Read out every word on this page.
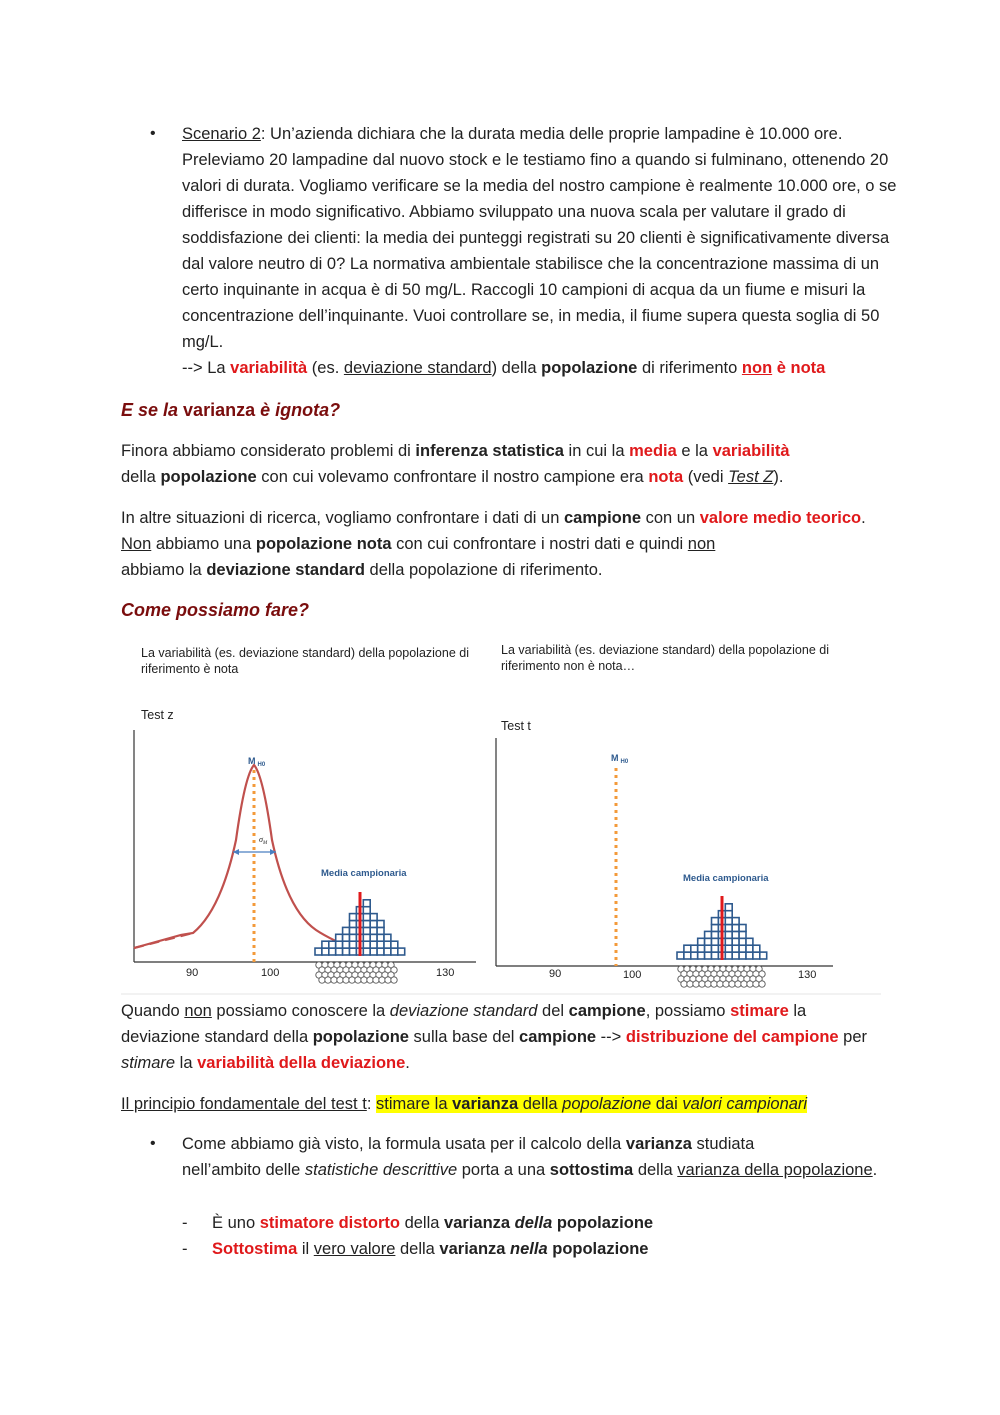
• Scenario 2: Un’azienda dichiara che la durata media delle proprie lampadine è 10.000 ore. Preleviamo 20 lampadine dal nuovo stock e le testiamo fino a quando si fulminano, ottenendo 20 valori di durata. Vogliamo verificare se la media del nostro campione è realmente 10.000 ore, o se differisce in modo significativo. Abbiamo sviluppato una nuova scala per valutare il grado di soddisfazione dei clienti: la media dei punteggi registrati su 20 clienti è significativamente diversa dal valore neutro di 0? La normativa ambientale stabilisce che la concentrazione massima di un certo inquinante in acqua è di 50 mg/L. Raccogli 10 campioni di acqua da un fiume e misuri la concentrazione dell’inquinante. Vuoi controllare se, in media, il fiume supera questa soglia di 50 mg/L.
--> La variabilità (es. deviazione standard) della popolazione di riferimento non è nota
E se la varianza è ignota?
Finora abbiamo considerato problemi di inferenza statistica in cui la media e la variabilità
della popolazione con cui volevamo confrontare il nostro campione era nota (vedi Test Z).
In altre situazioni di ricerca, vogliamo confrontare i dati di un campione con un valore medio teorico. Non abbiamo una popolazione nota con cui confrontare i nostri dati e quindi non
abbiamo la deviazione standard della popolazione di riferimento.
Come possiamo fare?
La variabilità (es. deviazione standard) della popolazione di
riferimento è nota
Test z
La variabilità (es. deviazione standard) della popolazione di
riferimento non è nota…
Test t
M $_{H0}$
$\sigma_M$
Media campionaria
90	100	130
M $_{H0}$
Media campionaria
90	100	130
Quando non possiamo conoscere la deviazione standard del campione, possiamo stimare la
deviazione standard della popolazione sulla base del campione --> distribuzione del campione per stimare la variabilità della deviazione.
Il principio fondamentale del test t: stimare la varianza della popolazione dai valori campionari
• Come abbiamo già visto, la formula usata per il calcolo della varianza studiata
nell’ambito delle statistiche descrittive porta a una sottostima della varianza della popolazione.
- È uno stimatore distorto della varianza della popolazione
- Sottostima il vero valore della varianza nella popolazione
